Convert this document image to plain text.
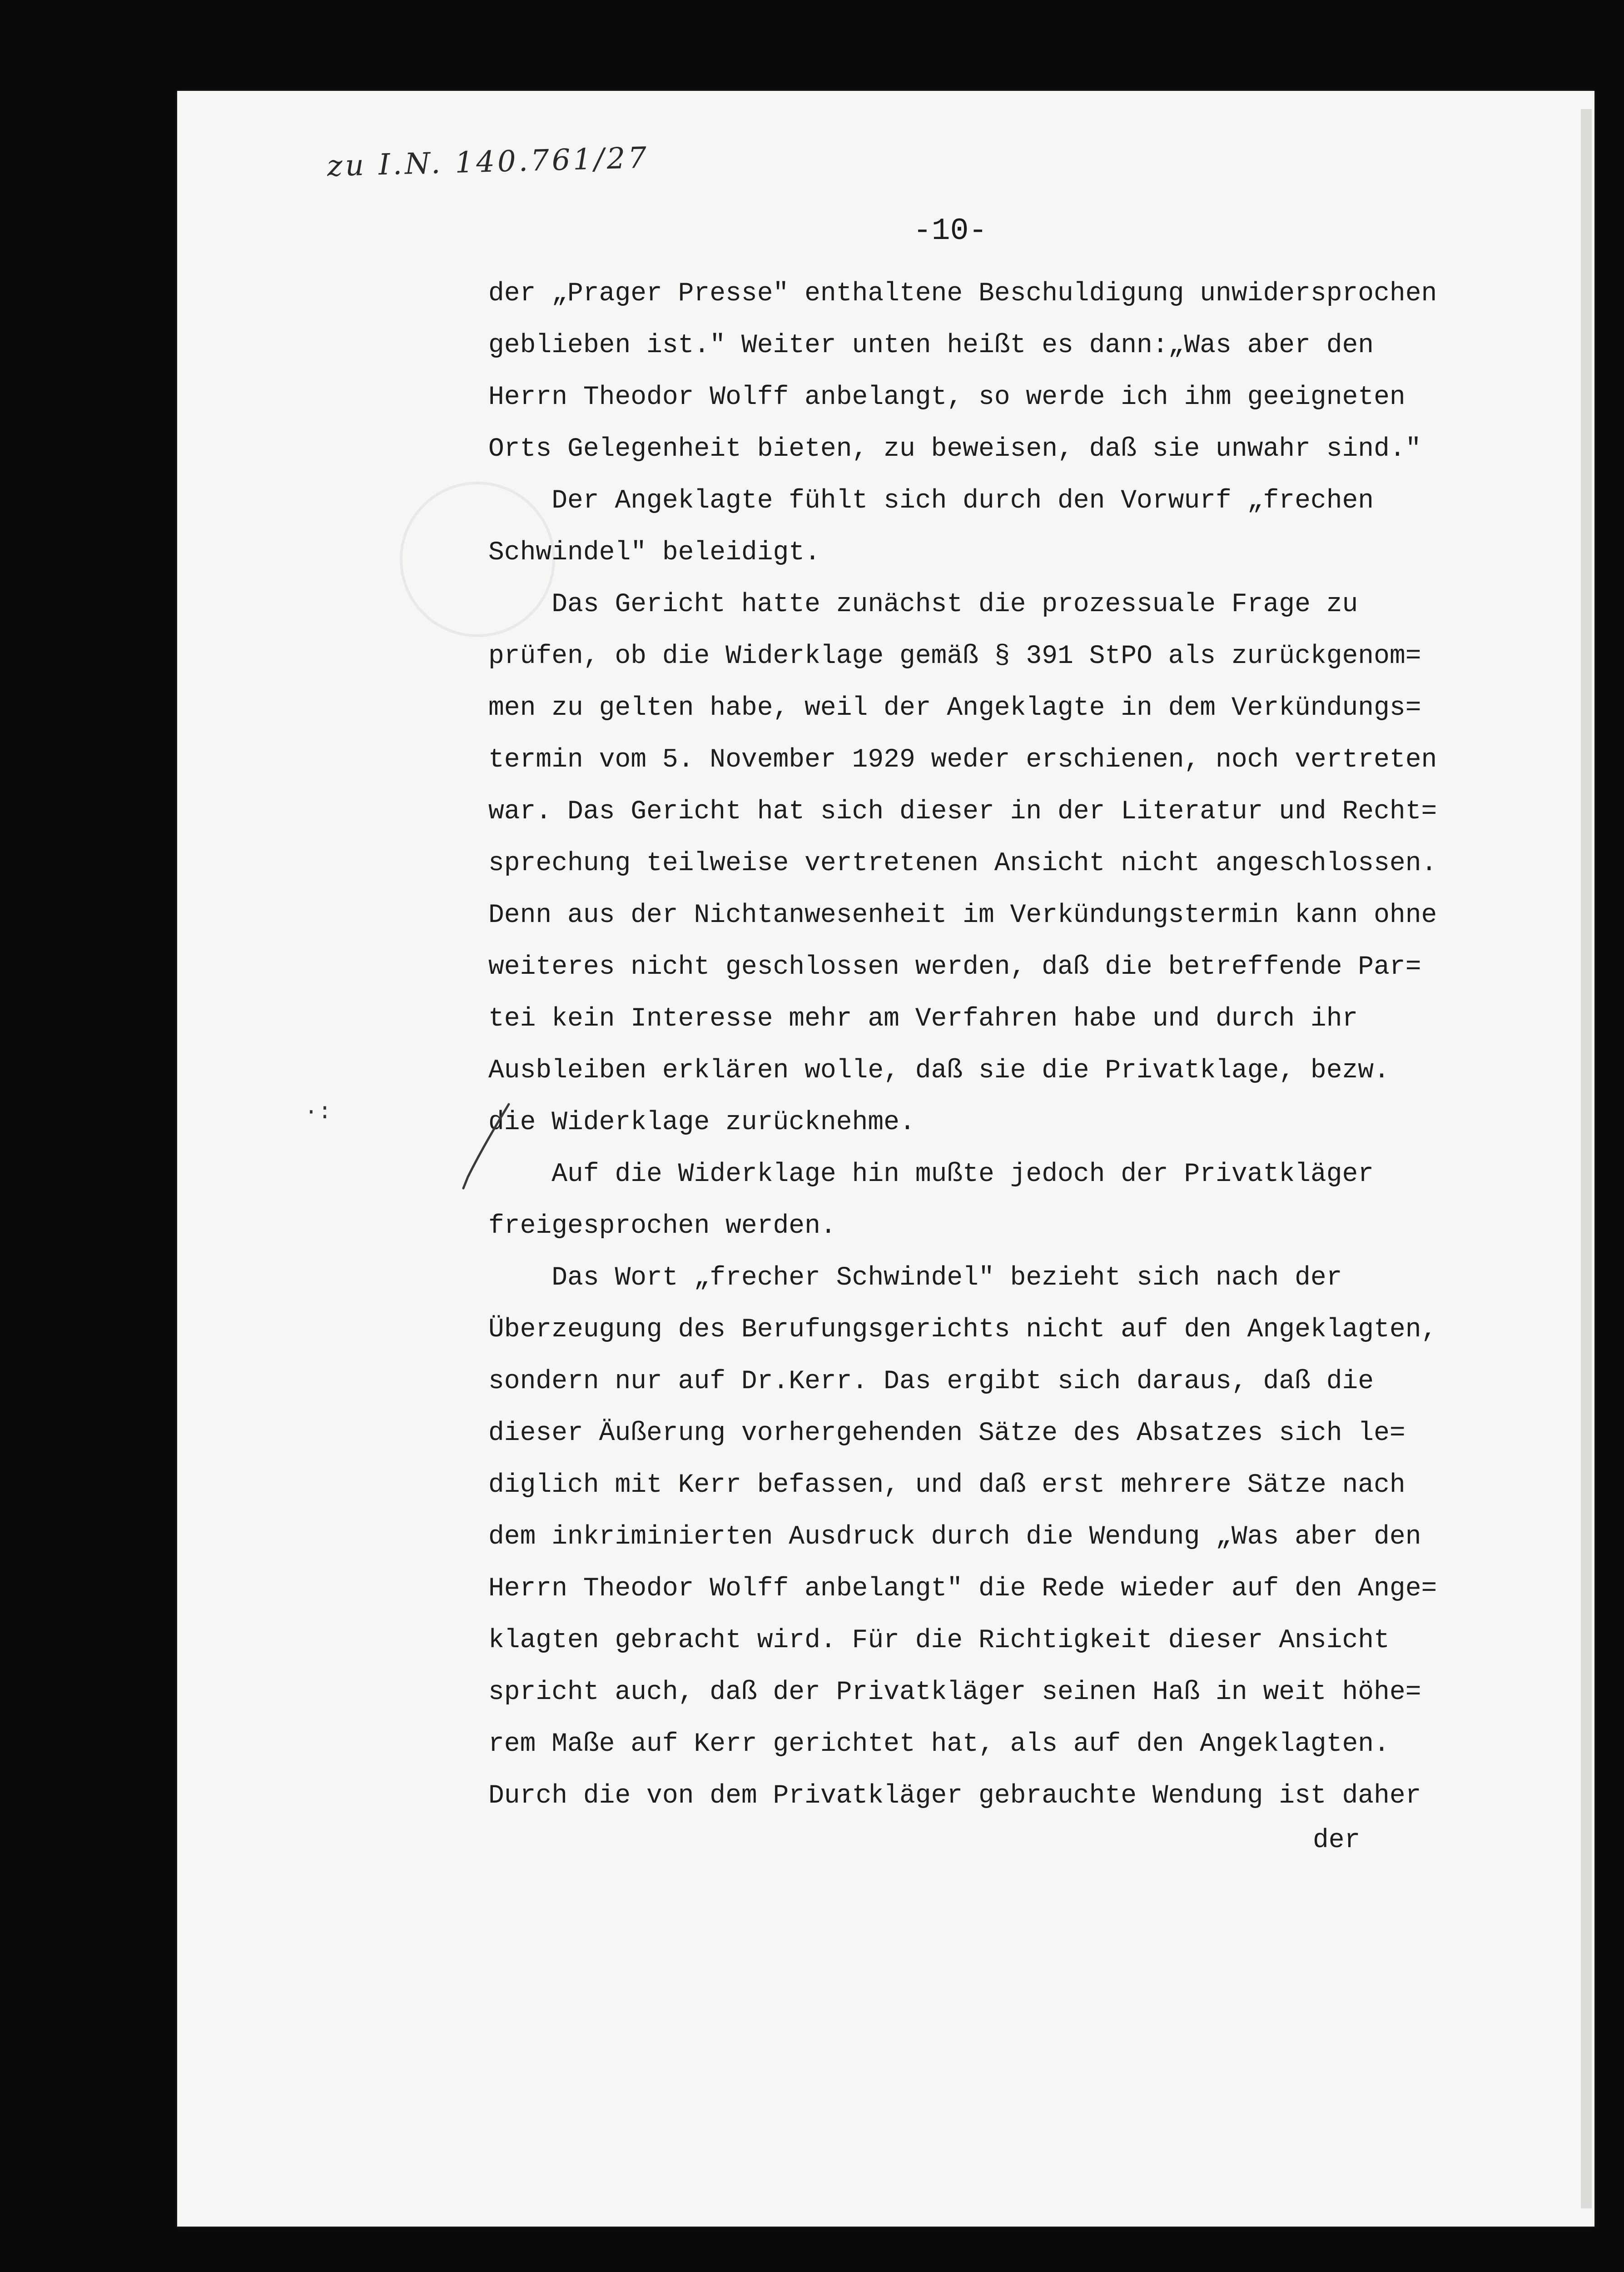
zu I.N. 140.761/27
-10-
der „Prager Presse" enthaltene Beschuldigung unwidersprochen
geblieben ist." Weiter unten heißt es dann:„Was aber den
Herrn Theodor Wolff anbelangt, so werde ich ihm geeigneten
Orts Gelegenheit bieten, zu beweisen, daß sie unwahr sind."
Der Angeklagte fühlt sich durch den Vorwurf „frechen
Schwindel" beleidigt.
Das Gericht hatte zunächst die prozessuale Frage zu
prüfen, ob die Widerklage gemäß § 391 StPO als zurückgenom=
men zu gelten habe, weil der Angeklagte in dem Verkündungs=
termin vom 5. November 1929 weder erschienen, noch vertreten
war. Das Gericht hat sich dieser in der Literatur und Recht=
sprechung teilweise vertretenen Ansicht nicht angeschlossen.
Denn aus der Nichtanwesenheit im Verkündungstermin kann ohne
weiteres nicht geschlossen werden, daß die betreffende Par=
tei kein Interesse mehr am Verfahren habe und durch ihr
Ausbleiben erklären wolle, daß sie die Privatklage, bezw.
die Widerklage zurücknehme.
Auf die Widerklage hin mußte jedoch der Privatkläger
freigesprochen werden.
Das Wort „frecher Schwindel" bezieht sich nach der
Überzeugung des Berufungsgerichts nicht auf den Angeklagten,
sondern nur auf Dr.Kerr. Das ergibt sich daraus, daß die
dieser Äußerung vorhergehenden Sätze des Absatzes sich le=
diglich mit Kerr befassen, und daß erst mehrere Sätze nach
dem inkriminierten Ausdruck durch die Wendung „Was aber den
Herrn Theodor Wolff anbelangt" die Rede wieder auf den Ange=
klagten gebracht wird. Für die Richtigkeit dieser Ansicht
spricht auch, daß der Privatkläger seinen Haß in weit höhe=
rem Maße auf Kerr gerichtet hat, als auf den Angeklagten.
Durch die von dem Privatkläger gebrauchte Wendung ist daher
der
·:
